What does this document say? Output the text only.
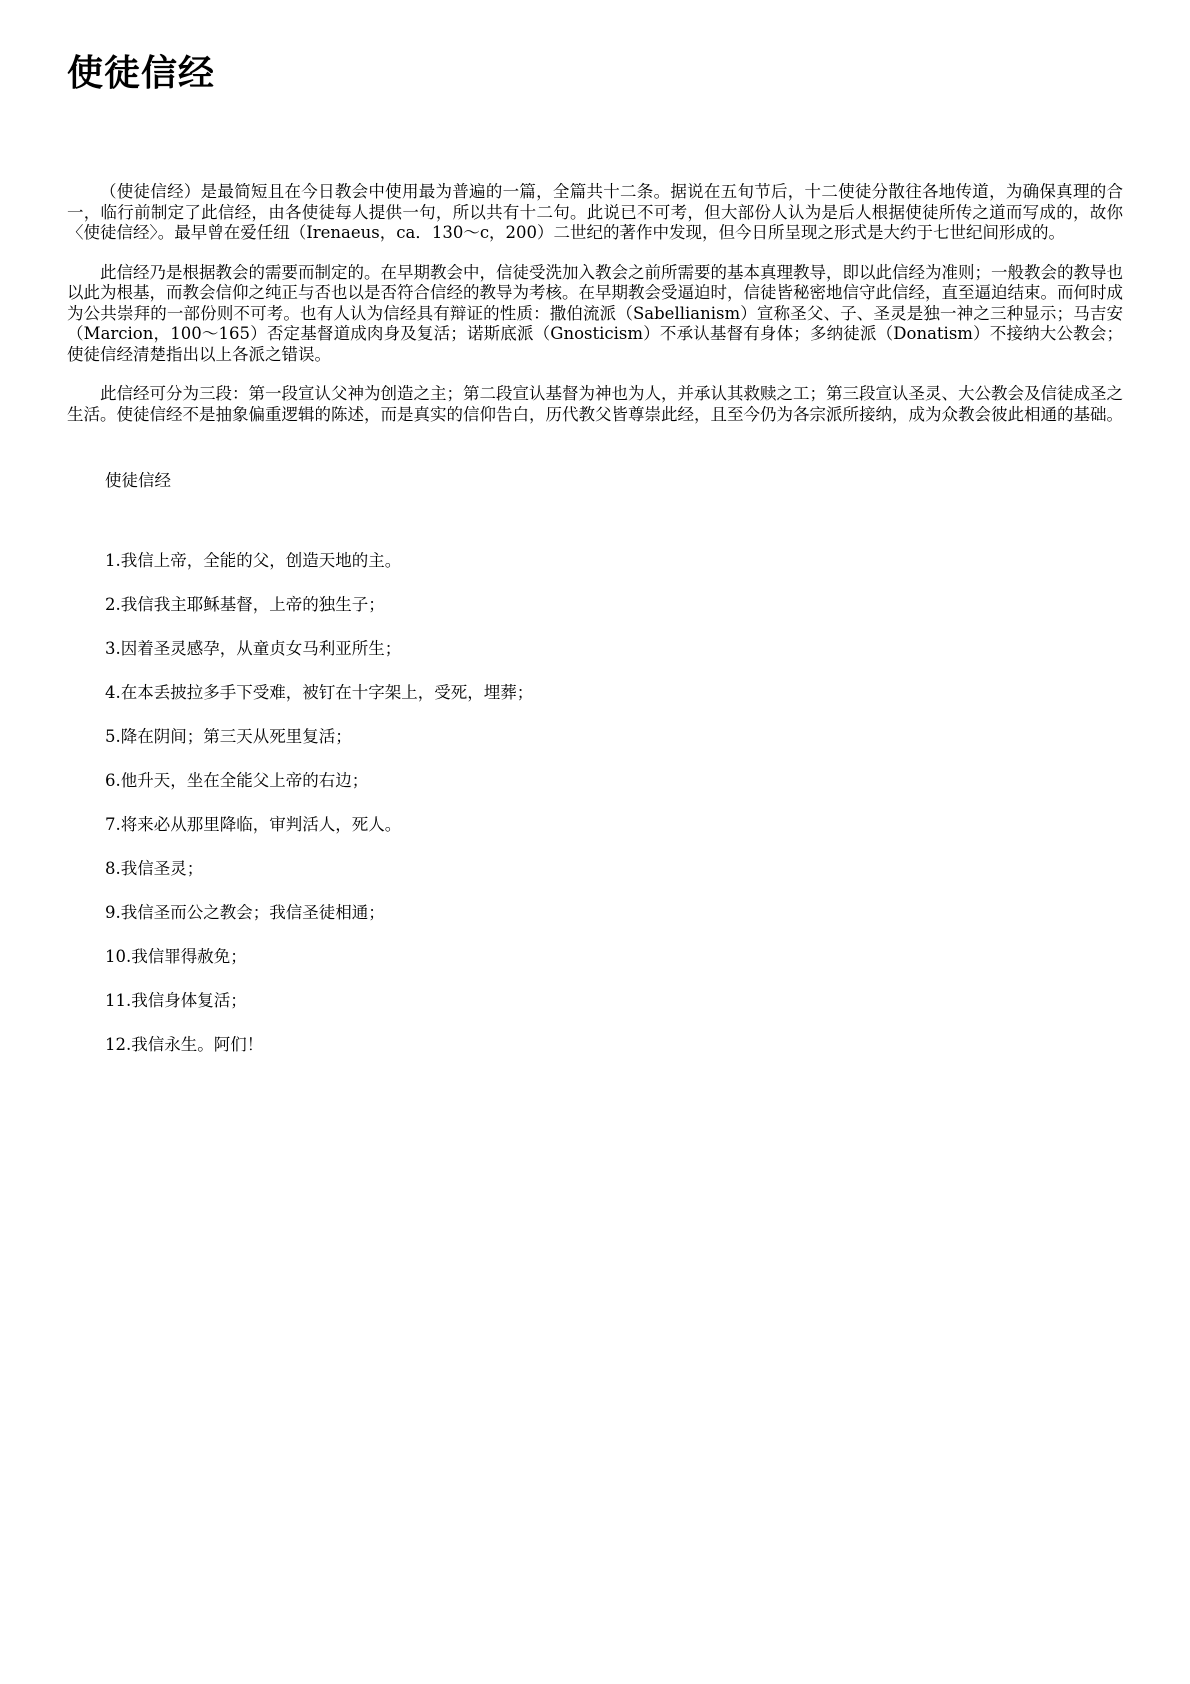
使徒信经

（使徒信经）是最简短且在今日教会中使用最为普遍的一篇，全篇共十二条。据说在五旬节后，十二使徒分散往各地传道，为确保真理的合一，临行前制定了此信经，由各使徒每人提供一句，所以共有十二句。此说已不可考，但大部份人认为是后人根据使徒所传之道而写成的，故你〈使徒信经〉。最早曾在爱任纽（Irenaeus，ca．130～c，200）二世纪的著作中发现，但今日所呈现之形式是大约于七世纪间形成的。

此信经乃是根据教会的需要而制定的。在早期教会中，信徒受洗加入教会之前所需要的基本真理教导，即以此信经为准则；一般教会的教导也以此为根基，而教会信仰之纯正与否也以是否符合信经的教导为考核。在早期教会受逼迫时，信徒皆秘密地信守此信经，直至逼迫结束。而何时成为公共崇拜的一部份则不可考。也有人认为信经具有辩证的性质：撒伯流派（Sabellianism）宣称圣父、子、圣灵是独一神之三种显示；马吉安（Marcion，100～165）否定基督道成肉身及复活；诺斯底派（Gnosticism）不承认基督有身体；多纳徒派（Donatism）不接纳大公教会；使徒信经清楚指出以上各派之错误。

此信经可分为三段：第一段宣认父神为创造之主；第二段宣认基督为神也为人，并承认其救赎之工；第三段宣认圣灵、大公教会及信徒成圣之生活。使徒信经不是抽象偏重逻辑的陈述，而是真实的信仰告白，历代教父皆尊崇此经，且至今仍为各宗派所接纳，成为众教会彼此相通的基础。

使徒信经
1.我信上帝，全能的父，创造天地的主。
2.我信我主耶稣基督，上帝的独生子；
3.因着圣灵感孕，从童贞女马利亚所生；
4.在本丢披拉多手下受难，被钉在十字架上，受死，埋葬；
5.降在阴间；第三天从死里复活；
6.他升天，坐在全能父上帝的右边；
7.将来必从那里降临，审判活人，死人。
8.我信圣灵；
9.我信圣而公之教会；我信圣徒相通；
10.我信罪得赦免；
11.我信身体复活；
12.我信永生。阿们！
